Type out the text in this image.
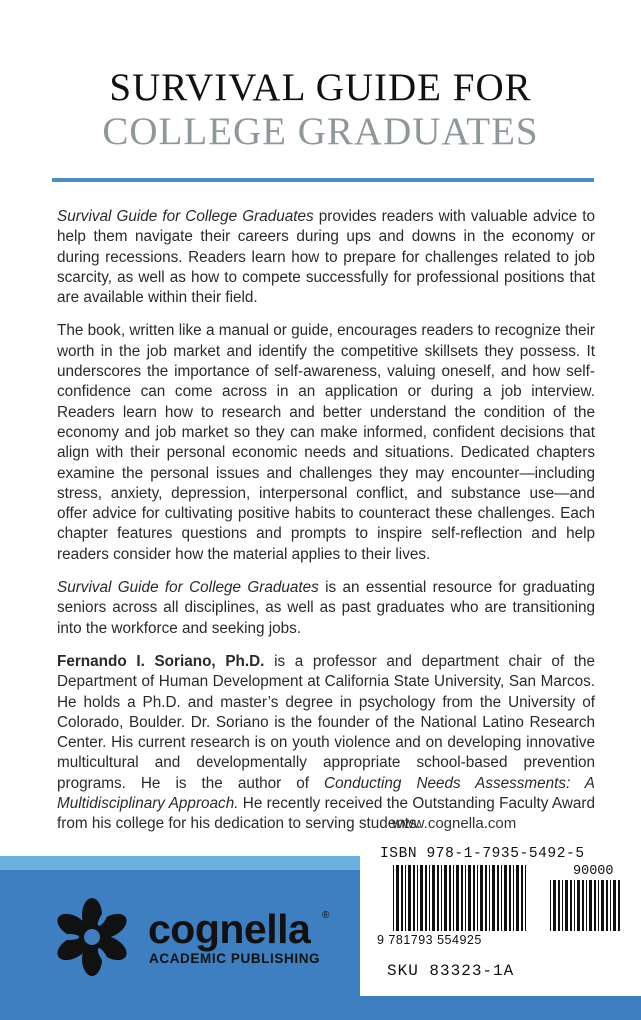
SURVIVAL GUIDE FOR
COLLEGE GRADUATES

Survival Guide for College Graduates provides readers with valuable advice to help them navigate their careers during ups and downs in the economy or during recessions. Readers learn how to prepare for challenges related to job scarcity, as well as how to compete successfully for professional positions that are available within their field.

The book, written like a manual or guide, encourages readers to recognize their worth in the job market and identify the competitive skillsets they possess. It underscores the importance of self-awareness, valuing oneself, and how self-confidence can come across in an application or during a job interview. Readers learn how to research and better understand the condition of the economy and job market so they can make informed, confident decisions that align with their personal economic needs and situations. Dedicated chapters examine the personal issues and challenges they may encounter—including stress, anxiety, depression, interpersonal conflict, and substance use—and offer advice for cultivating positive habits to counteract these challenges. Each chapter features questions and prompts to inspire self-reflection and help readers consider how the material applies to their lives.

Survival Guide for College Graduates is an essential resource for graduating seniors across all disciplines, as well as past graduates who are transitioning into the workforce and seeking jobs.

Fernando I. Soriano, Ph.D. is a professor and department chair of the Department of Human Development at California State University, San Marcos. He holds a Ph.D. and master’s degree in psychology from the University of Colorado, Boulder. Dr. Soriano is the founder of the National Latino Research Center. His current research is on youth violence and on developing innovative multicultural and developmentally appropriate school-based prevention programs. He is the author of Conducting Needs Assessments: A Multidisciplinary Approach. He recently received the Outstanding Faculty Award from his college for his dedication to serving students.

www.cognella.com
cognella ®
ACADEMIC PUBLISHING
ISBN 978-1-7935-5492-5
90000
9 781793 554925
SKU 83323-1A
